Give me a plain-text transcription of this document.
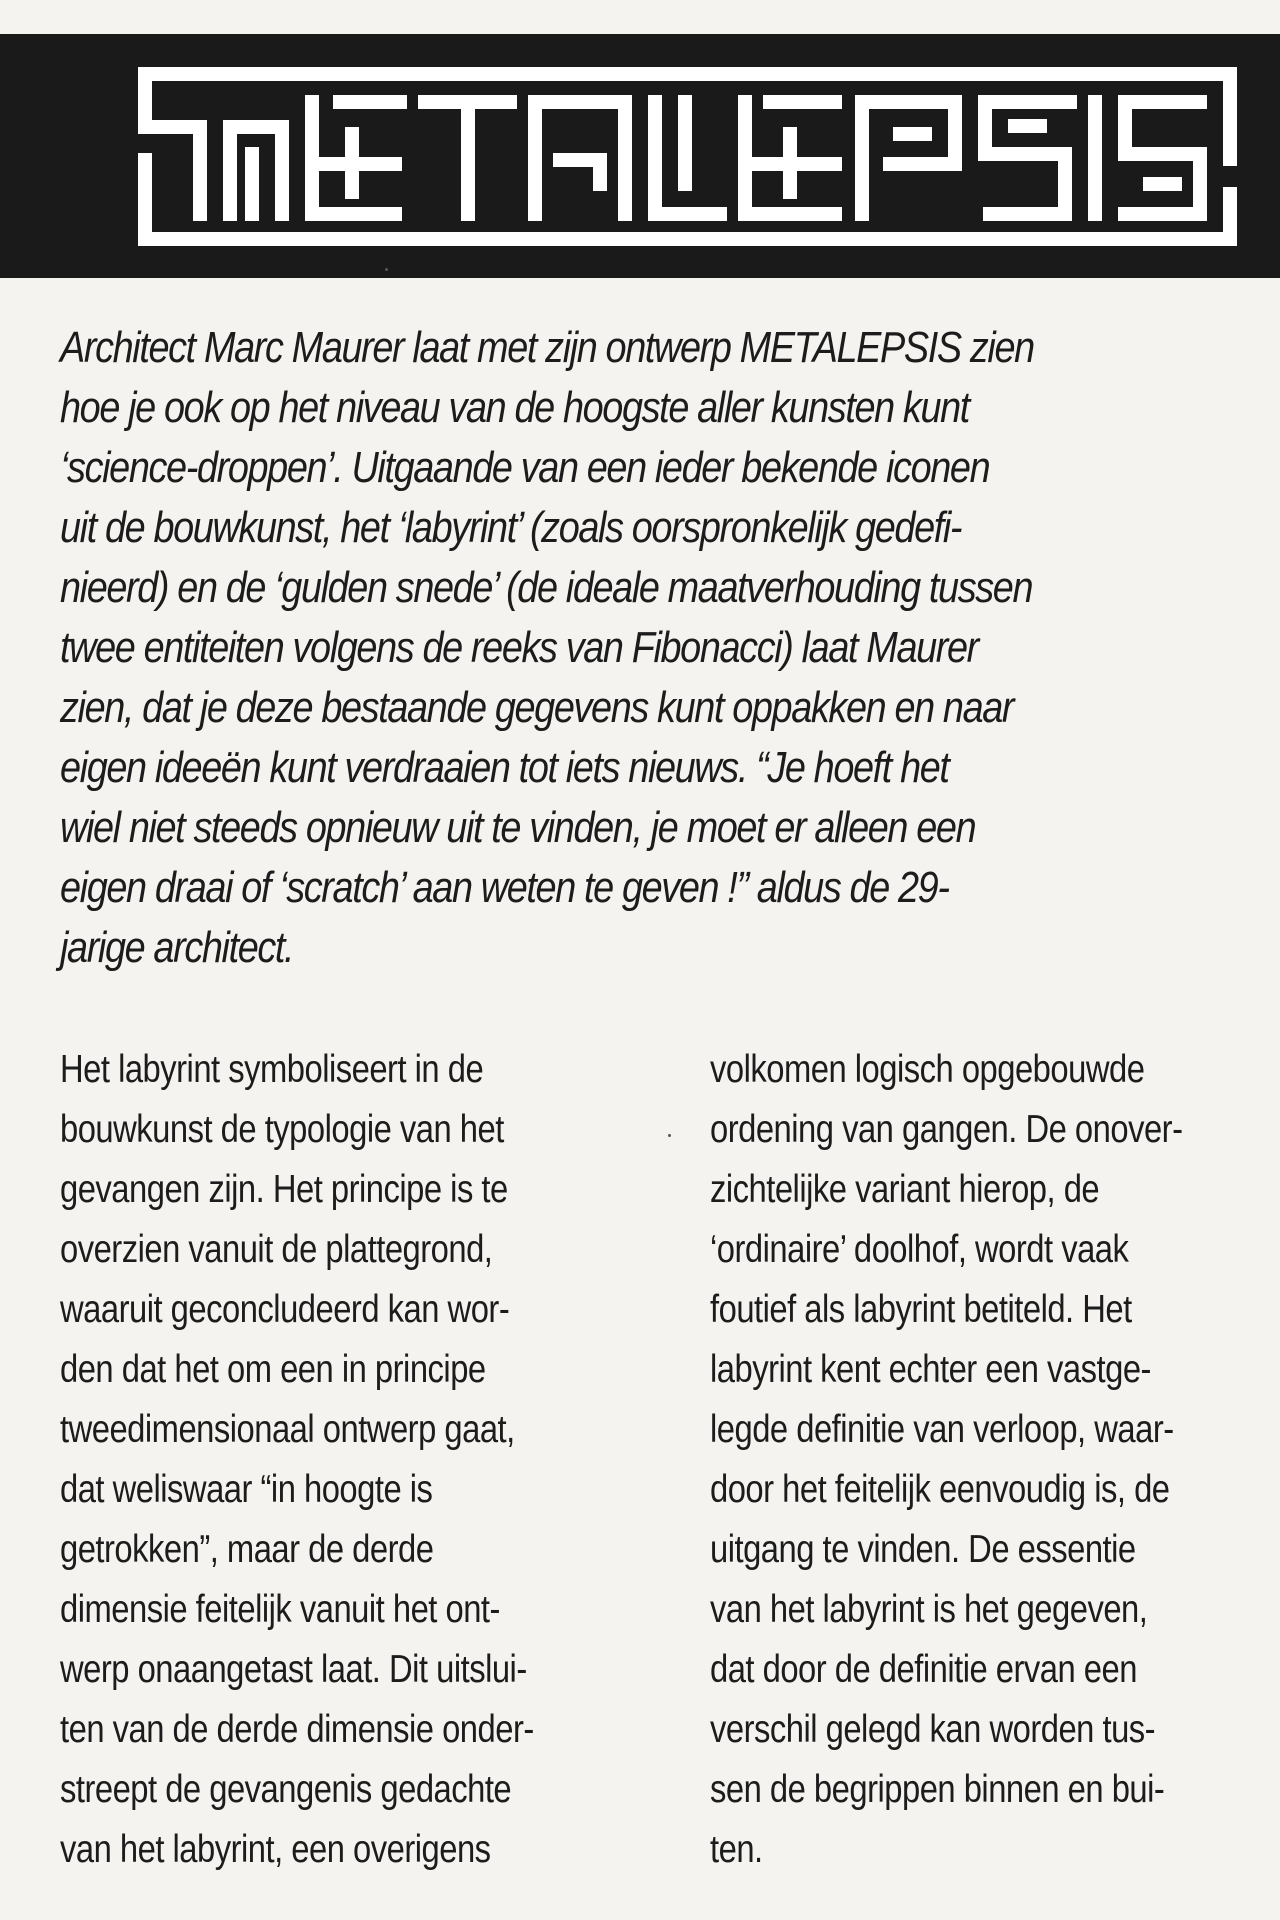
Architect Marc Maurer laat met zijn ontwerp METALEPSIS zien
hoe je ook op het niveau van de hoogste aller kunsten kunt
‘science-droppen’. Uitgaande van een ieder bekende iconen
uit de bouwkunst, het ‘labyrint’ (zoals oorspronkelijk gedefi-
nieerd) en de ‘gulden snede’ (de ideale maatverhouding tussen
twee entiteiten volgens de reeks van Fibonacci) laat Maurer
zien, dat je deze bestaande gegevens kunt oppakken en naar
eigen ideeën kunt verdraaien tot iets nieuws. “Je hoeft het
wiel niet steeds opnieuw uit te vinden, je moet er alleen een
eigen draai of ‘scratch’ aan weten te geven !” aldus de 29-
jarige architect.

Het labyrint symboliseert in de
bouwkunst de typologie van het
gevangen zijn. Het principe is te
overzien vanuit de plattegrond,
waaruit geconcludeerd kan wor-
den dat het om een in principe
tweedimensionaal ontwerp gaat,
dat weliswaar “in hoogte is
getrokken”, maar de derde
dimensie feitelijk vanuit het ont-
werp onaangetast laat. Dit uitslui-
ten van de derde dimensie onder-
streept de gevangenis gedachte
van het labyrint, een overigens

volkomen logisch opgebouwde
ordening van gangen. De onover-
zichtelijke variant hierop, de
‘ordinaire’ doolhof, wordt vaak
foutief als labyrint betiteld. Het
labyrint kent echter een vastge-
legde definitie van verloop, waar-
door het feitelijk eenvoudig is, de
uitgang te vinden. De essentie
van het labyrint is het gegeven,
dat door de definitie ervan een
verschil gelegd kan worden tus-
sen de begrippen binnen en bui-
ten.
